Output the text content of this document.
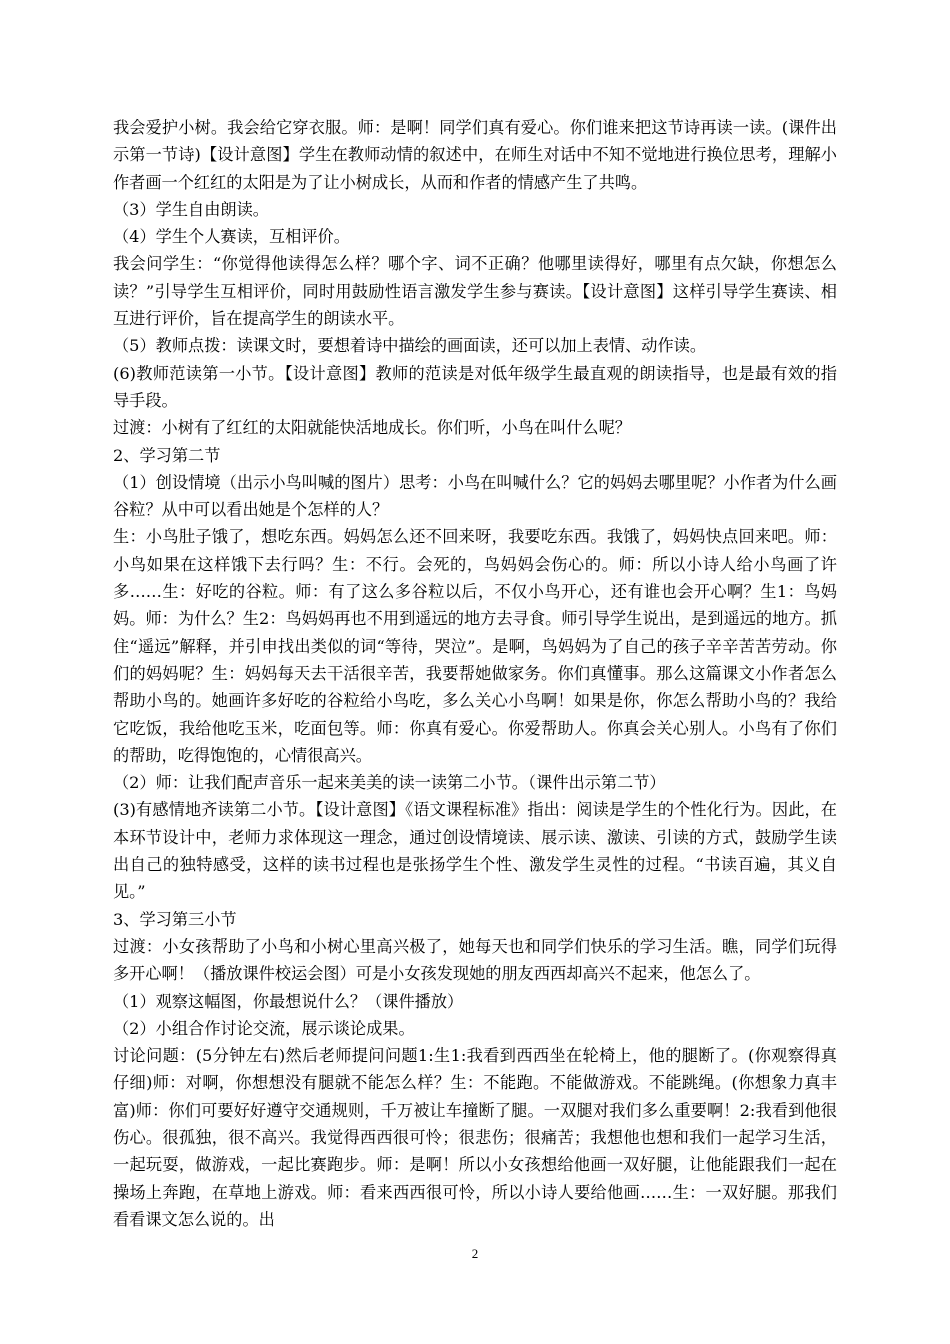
我会爱护小树。我会给它穿衣服。师：是啊！同学们真有爱心。你们谁来把这节诗再读一读。(课件出示第一节诗)【设计意图】学生在教师动情的叙述中，在师生对话中不知不觉地进行换位思考，理解小作者画一个红红的太阳是为了让小树成长，从而和作者的情感产生了共鸣。

（3）学生自由朗读。

（4）学生个人赛读，互相评价。

我会问学生：“你觉得他读得怎么样？哪个字、词不正确？他哪里读得好，哪里有点欠缺，你想怎么读？”引导学生互相评价，同时用鼓励性语言激发学生参与赛读。【设计意图】这样引导学生赛读、相互进行评价，旨在提高学生的朗读水平。

（5）教师点拨：读课文时，要想着诗中描绘的画面读，还可以加上表情、动作读。

(6)教师范读第一小节。【设计意图】教师的范读是对低年级学生最直观的朗读指导，也是最有效的指导手段。

过渡：小树有了红红的太阳就能快活地成长。你们听，小鸟在叫什么呢？

2、学习第二节

（1）创设情境（出示小鸟叫喊的图片）思考：小鸟在叫喊什么？它的妈妈去哪里呢？小作者为什么画谷粒？从中可以看出她是个怎样的人？

生：小鸟肚子饿了，想吃东西。妈妈怎么还不回来呀，我要吃东西。我饿了，妈妈快点回来吧。师：小鸟如果在这样饿下去行吗？生：不行。会死的，鸟妈妈会伤心的。师：所以小诗人给小鸟画了许多……生：好吃的谷粒。师：有了这么多谷粒以后，不仅小鸟开心，还有谁也会开心啊？生1：鸟妈妈。师：为什么？生2：鸟妈妈再也不用到遥远的地方去寻食。师引导学生说出，是到遥远的地方。抓住“遥远”解释，并引申找出类似的词“等待，哭泣”。是啊，鸟妈妈为了自己的孩子辛辛苦苦劳动。你们的妈妈呢？生：妈妈每天去干活很辛苦，我要帮她做家务。你们真懂事。那么这篇课文小作者怎么帮助小鸟的。她画许多好吃的谷粒给小鸟吃，多么关心小鸟啊！如果是你，你怎么帮助小鸟的？我给它吃饭，我给他吃玉米，吃面包等。师：你真有爱心。你爱帮助人。你真会关心别人。小鸟有了你们的帮助，吃得饱饱的，心情很高兴。

（2）师：让我们配声音乐一起来美美的读一读第二小节。（课件出示第二节）

(3)有感情地齐读第二小节。【设计意图】《语文课程标准》指出：阅读是学生的个性化行为。因此，在本环节设计中，老师力求体现这一理念，通过创设情境读、展示读、激读、引读的方式，鼓励学生读出自己的独特感受，这样的读书过程也是张扬学生个性、激发学生灵性的过程。“书读百遍，其义自见。”

3、学习第三小节

过渡：小女孩帮助了小鸟和小树心里高兴极了，她每天也和同学们快乐的学习生活。瞧，同学们玩得多开心啊！（播放课件校运会图）可是小女孩发现她的朋友西西却高兴不起来，他怎么了。

（1）观察这幅图，你最想说什么？（课件播放）

（2）小组合作讨论交流，展示谈论成果。

讨论问题：(5分钟左右)然后老师提问问题1:生1:我看到西西坐在轮椅上，他的腿断了。(你观察得真仔细)师：对啊，你想想没有腿就不能怎么样？生：不能跑。不能做游戏。不能跳绳。(你想象力真丰富)师：你们可要好好遵守交通规则，千万被让车撞断了腿。一双腿对我们多么重要啊！2:我看到他很伤心。很孤独，很不高兴。我觉得西西很可怜；很悲伤；很痛苦；我想他也想和我们一起学习生活，一起玩耍，做游戏，一起比赛跑步。师：是啊！所以小女孩想给他画一双好腿，让他能跟我们一起在操场上奔跑，在草地上游戏。师：看来西西很可怜，所以小诗人要给他画……生：一双好腿。那我们看看课文怎么说的。出

2
